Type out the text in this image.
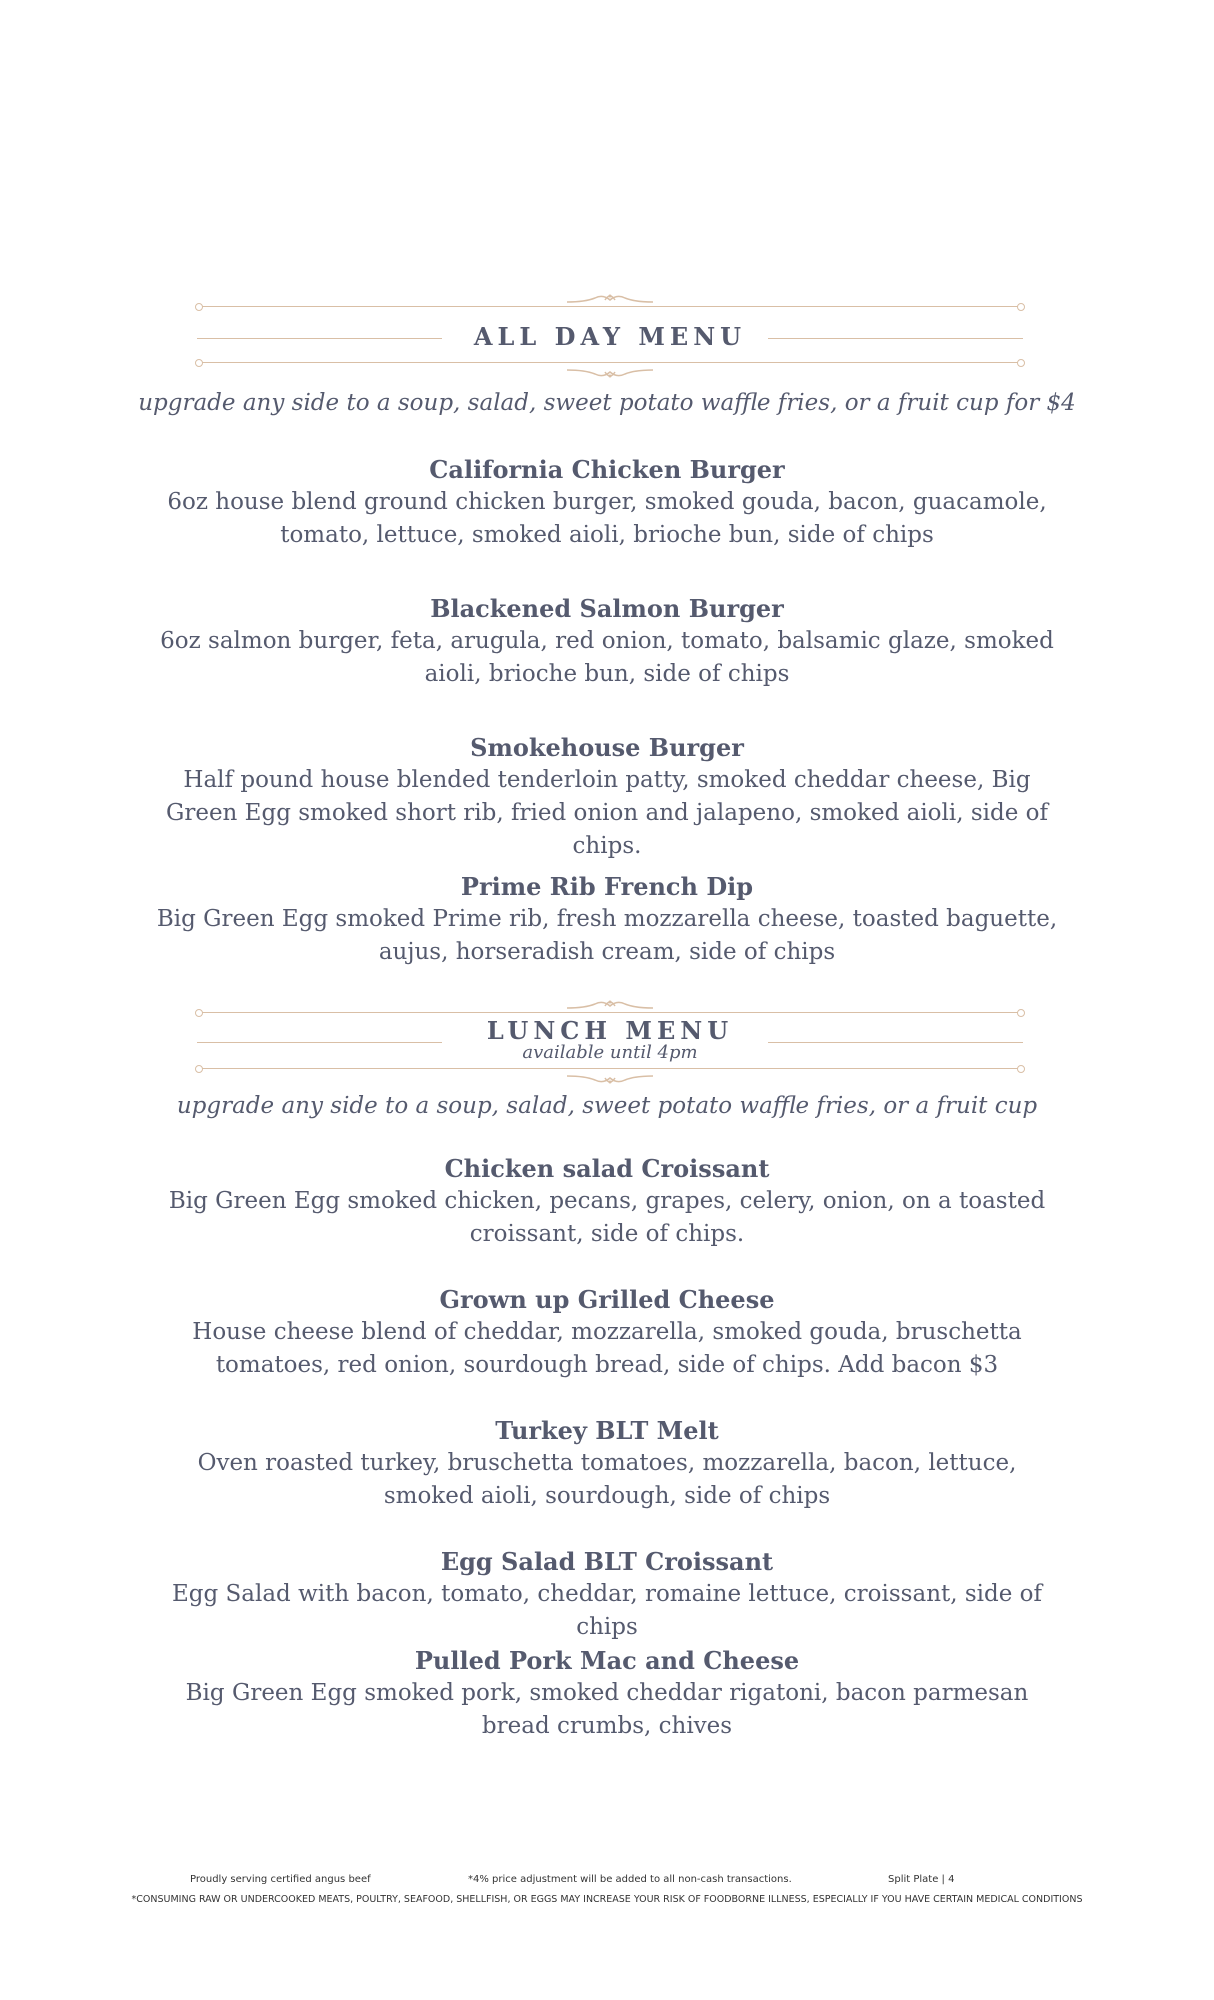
ALL DAY MENU
upgrade any side to a soup, salad, sweet potato waffle fries, or a fruit cup for $4
California Chicken Burger
6oz house blend ground chicken burger, smoked gouda, bacon, guacamole, tomato, lettuce, smoked aioli, brioche bun, side of chips
Blackened Salmon Burger
6oz salmon burger, feta, arugula, red onion, tomato, balsamic glaze, smoked aioli, brioche bun, side of chips
Smokehouse Burger
Half pound house blended tenderloin patty, smoked cheddar cheese, Big Green Egg smoked short rib, fried onion and jalapeno, smoked aioli, side of chips.
Prime Rib French Dip
Big Green Egg smoked Prime rib, fresh mozzarella cheese, toasted baguette, aujus, horseradish cream, side of chips
LUNCH MENU
available until 4pm
upgrade any side to a soup, salad, sweet potato waffle fries, or a fruit cup
Chicken salad Croissant
Big Green Egg smoked chicken, pecans, grapes, celery, onion, on a toasted croissant, side of chips.
Grown up Grilled Cheese
House cheese blend of cheddar, mozzarella, smoked gouda, bruschetta tomatoes, red onion, sourdough bread, side of chips. Add bacon $3
Turkey BLT Melt
Oven roasted turkey, bruschetta tomatoes, mozzarella, bacon, lettuce, smoked aioli, sourdough, side of chips
Egg Salad BLT Croissant
Egg Salad with bacon, tomato, cheddar, romaine lettuce, croissant, side of chips
Pulled Pork Mac and Cheese
Big Green Egg smoked pork, smoked cheddar rigatoni, bacon parmesan bread crumbs, chives
Proudly serving certified angus beef	*4% price adjustment will be added to all non-cash transactions.	Split Plate | 4
*CONSUMING RAW OR UNDERCOOKED MEATS, POULTRY, SEAFOOD, SHELLFISH, OR EGGS MAY INCREASE YOUR RISK OF FOODBORNE ILLNESS, ESPECIALLY IF YOU HAVE CERTAIN MEDICAL CONDITIONS
